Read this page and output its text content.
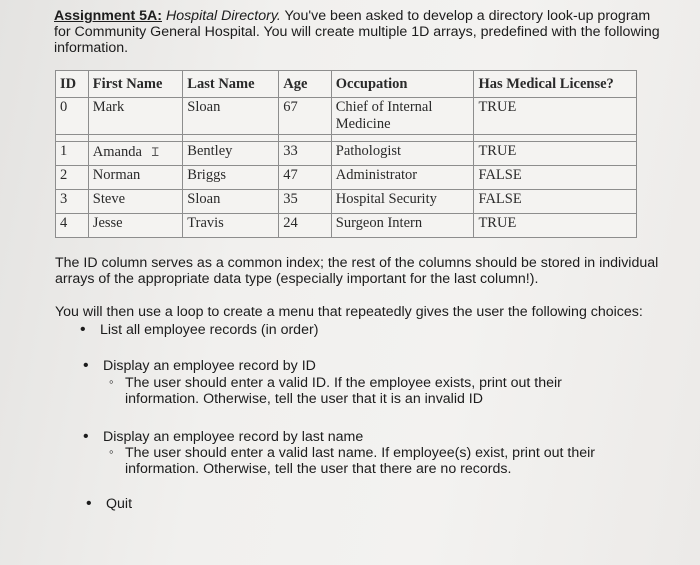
Assignment 5A: Hospital Directory. You've been asked to develop a directory look-up program for Community General Hospital. You will create multiple 1D arrays, predefined with the following information.
ID	First Name	Last Name	Age	Occupation	Has Medical License?
0	Mark	Sloan	67	Chief of Internal Medicine	TRUE

1	Amanda Ɪ	Bentley	33	Pathologist	TRUE
2	Norman	Briggs	47	Administrator	FALSE
3	Steve	Sloan	35	Hospital Security	FALSE
4	Jesse	Travis	24	Surgeon Intern	TRUE
The ID column serves as a common index; the rest of the columns should be stored in individual arrays of the appropriate data type (especially important for the last column!).
You will then use a loop to create a menu that repeatedly gives the user the following choices:
• List all employee records (in order)
• Display an employee record by ID
◦ The user should enter a valid ID. If the employee exists, print out their information. Otherwise, tell the user that it is an invalid ID
• Display an employee record by last name
◦ The user should enter a valid last name. If employee(s) exist, print out their information. Otherwise, tell the user that there are no records.
• Quit
